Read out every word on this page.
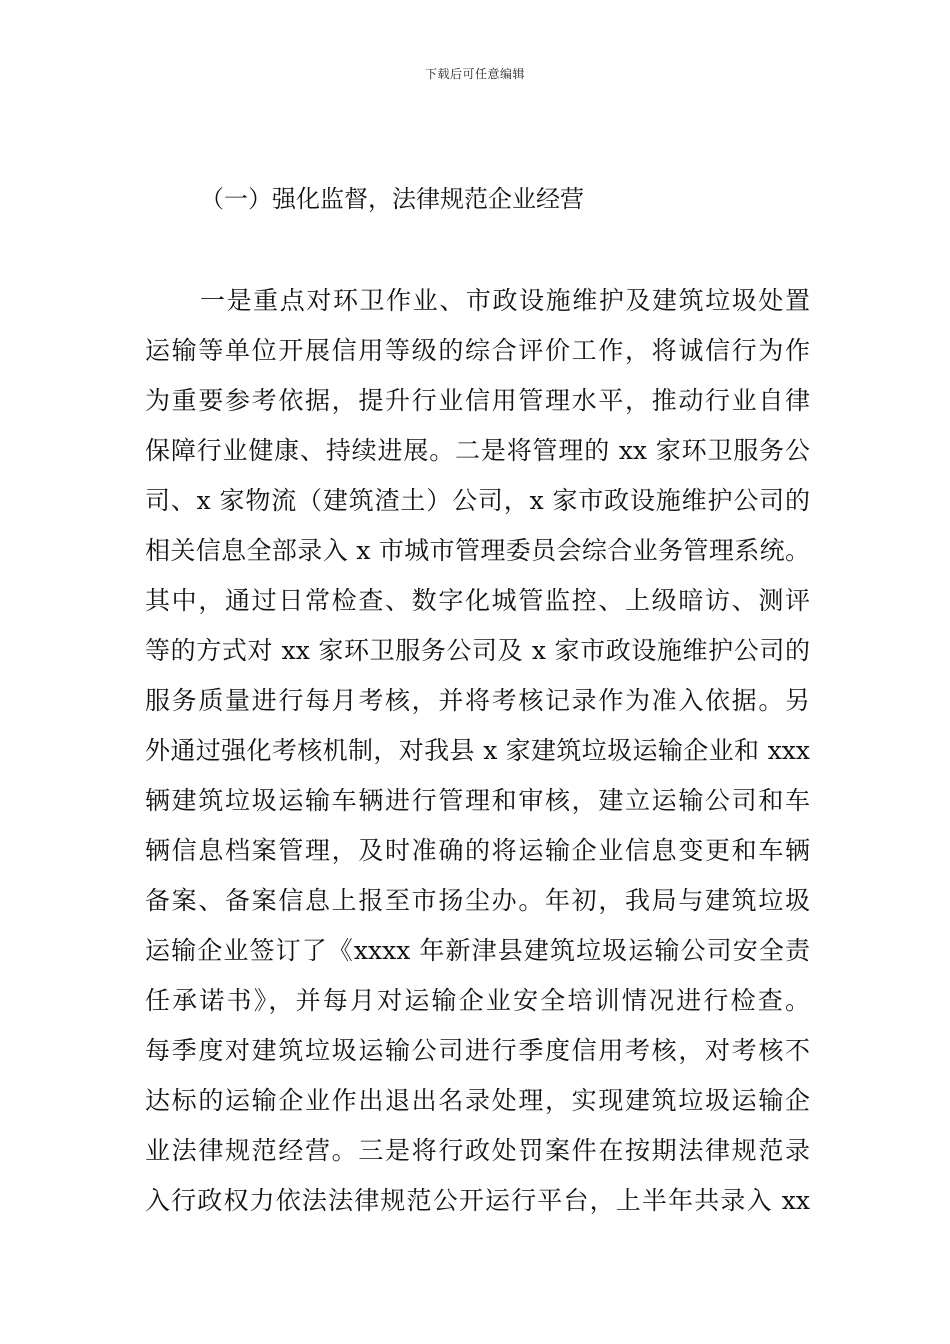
下载后可任意编辑
（一）强化监督，法律规范企业经营
一是重点对环卫作业、市政设施维护及建筑垃圾处置
运输等单位开展信用等级的综合评价工作，将诚信行为作
为重要参考依据，提升行业信用管理水平，推动行业自律
保障行业健康、持续进展。二是将管理的 xx 家环卫服务公
司、x 家物流（建筑渣土）公司，x 家市政设施维护公司的
相关信息全部录入 x 市城市管理委员会综合业务管理系统。
其中，通过日常检查、数字化城管监控、上级暗访、测评
等的方式对 xx 家环卫服务公司及 x 家市政设施维护公司的
服务质量进行每月考核，并将考核记录作为准入依据。另
外通过强化考核机制，对我县 x 家建筑垃圾运输企业和 xxx
辆建筑垃圾运输车辆进行管理和审核，建立运输公司和车
辆信息档案管理，及时准确的将运输企业信息变更和车辆
备案、备案信息上报至市扬尘办。年初，我局与建筑垃圾
运输企业签订了《xxxx 年新津县建筑垃圾运输公司安全责
任承诺书》，并每月对运输企业安全培训情况进行检查。
每季度对建筑垃圾运输公司进行季度信用考核，对考核不
达标的运输企业作出退出名录处理，实现建筑垃圾运输企
业法律规范经营。三是将行政处罚案件在按期法律规范录
入行政权力依法法律规范公开运行平台，上半年共录入 xx
